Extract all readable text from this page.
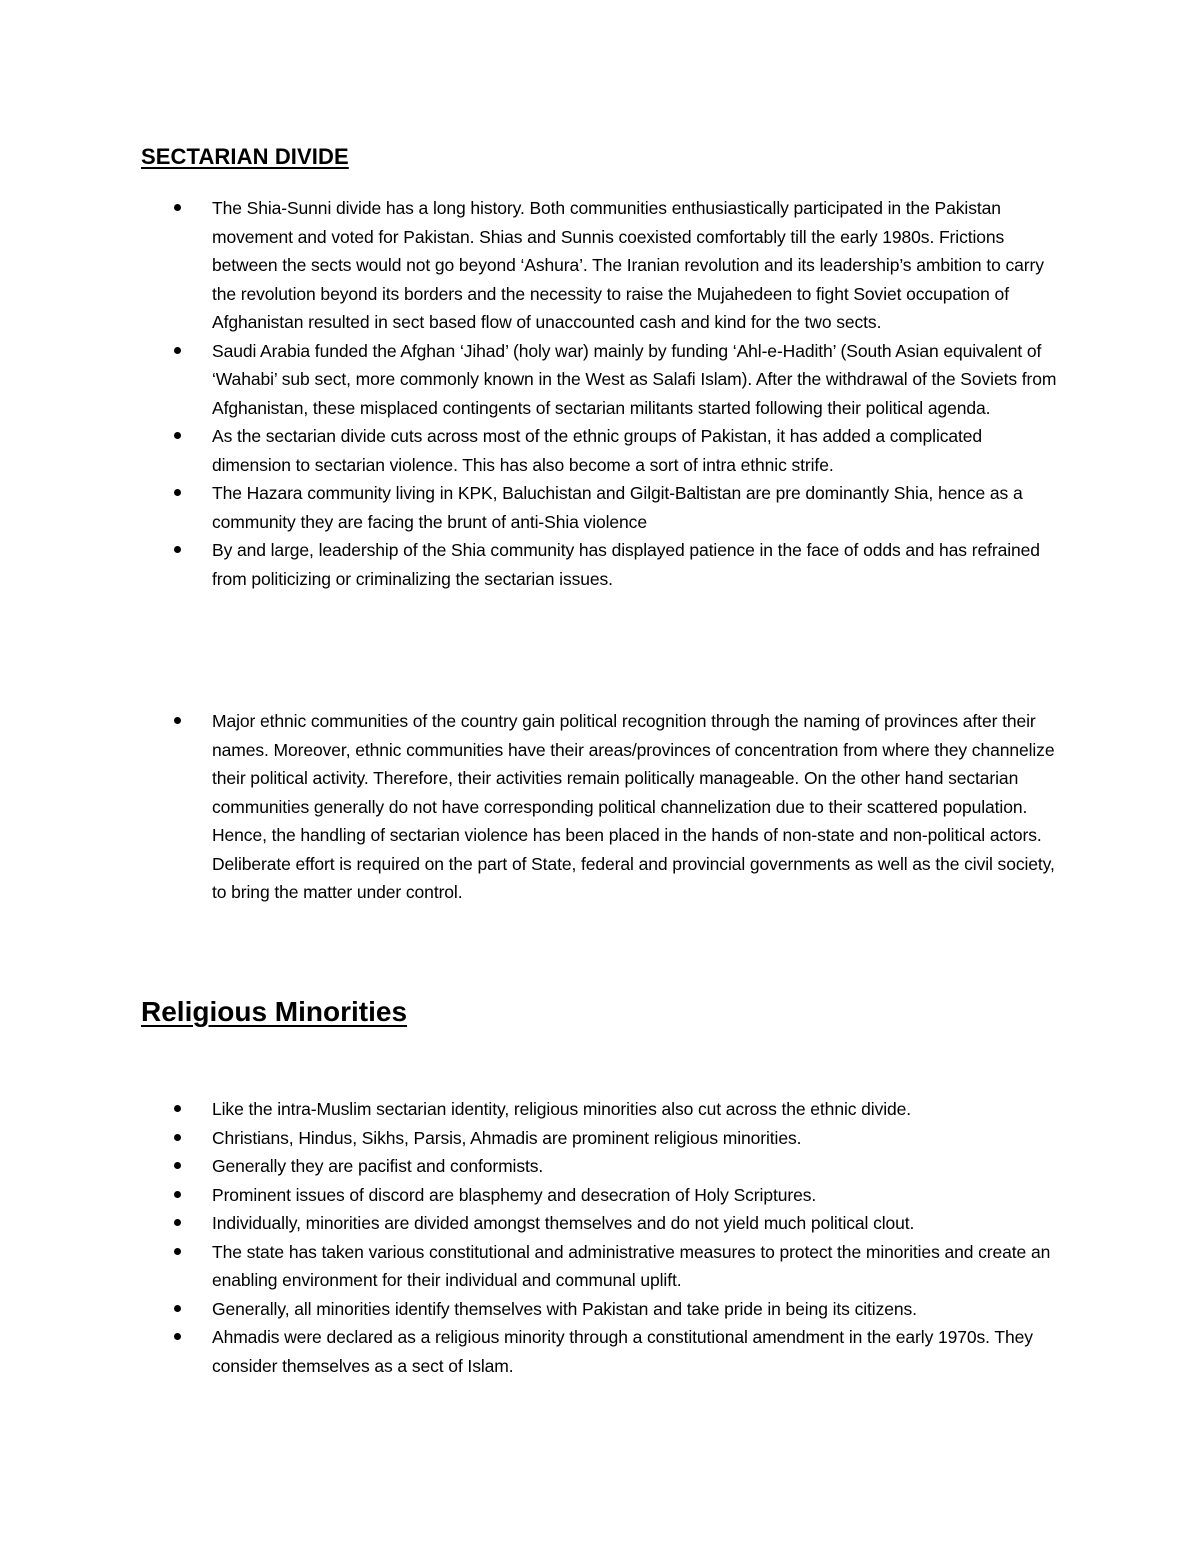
SECTARIAN DIVIDE
The Shia-Sunni divide has a long history. Both communities enthusiastically participated in the Pakistan movement and voted for Pakistan. Shias and Sunnis coexisted comfortably till the early 1980s. Frictions between the sects would not go beyond ‘Ashura’. The Iranian revolution and its leadership’s ambition to carry the revolution beyond its borders and the necessity to raise the Mujahedeen to fight Soviet occupation of Afghanistan resulted in sect based flow of unaccounted cash and kind for the two sects.
Saudi Arabia funded the Afghan ‘Jihad’ (holy war) mainly by funding ‘Ahl-e-Hadith’ (South Asian equivalent of ‘Wahabi’ sub sect, more commonly known in the West as Salafi Islam). After the withdrawal of the Soviets from Afghanistan, these misplaced contingents of sectarian militants started following their political agenda.
As the sectarian divide cuts across most of the ethnic groups of Pakistan, it has added a complicated dimension to sectarian violence. This has also become a sort of intra ethnic strife.
The Hazara community living in KPK, Baluchistan and Gilgit-Baltistan are pre dominantly Shia, hence as a community they are facing the brunt of anti-Shia violence
By and large, leadership of the Shia community has displayed patience in the face of odds and has refrained from politicizing or criminalizing the sectarian issues.
Major ethnic communities of the country gain political recognition through the naming of provinces after their names. Moreover, ethnic communities have their areas/provinces of concentration from where they channelize their political activity. Therefore, their activities remain politically manageable. On the other hand sectarian communities generally do not have corresponding political channelization due to their scattered population. Hence, the handling of sectarian violence has been placed in the hands of non-state and non-political actors. Deliberate effort is required on the part of State, federal and provincial governments as well as the civil society, to bring the matter under control.
Religious Minorities
Like the intra-Muslim sectarian identity, religious minorities also cut across the ethnic divide.
Christians, Hindus, Sikhs, Parsis, Ahmadis are prominent religious minorities.
Generally they are pacifist and conformists.
Prominent issues of discord are blasphemy and desecration of Holy Scriptures.
Individually, minorities are divided amongst themselves and do not yield much political clout.
The state has taken various constitutional and administrative measures to protect the minorities and create an enabling environment for their individual and communal uplift.
Generally, all minorities identify themselves with Pakistan and take pride in being its citizens.
Ahmadis were declared as a religious minority through a constitutional amendment in the early 1970s. They consider themselves as a sect of Islam.
